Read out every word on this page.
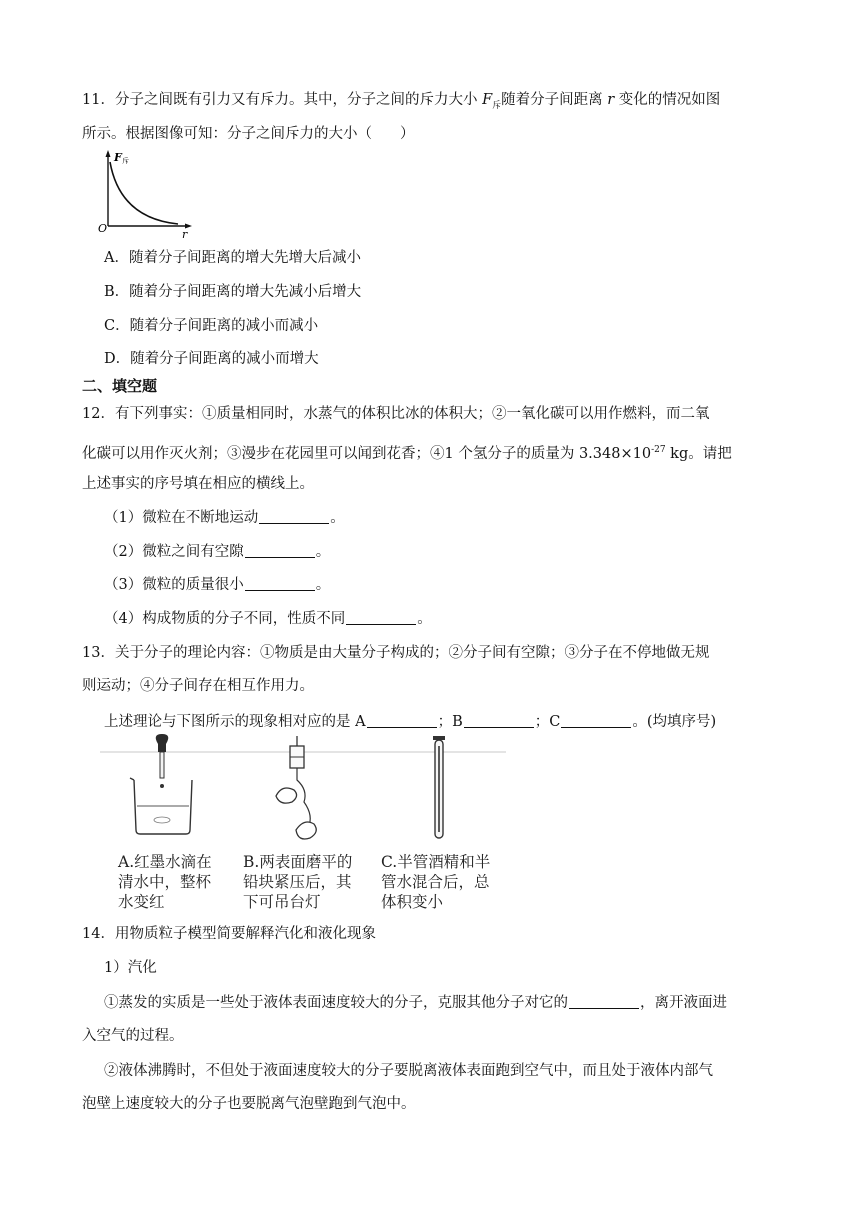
11．分子之间既有引力又有斥力。其中，分子之间的斥力大小 $F_斥$随着分子间距离 r 变化的情况如图
所示。根据图像可知：分子之间斥力的大小（ ）
F 斥
O	r
A．随着分子间距离的增大先增大后减小
B．随着分子间距离的增大先减小后增大
C．随着分子间距离的减小而减小
D．随着分子间距离的减小而增大
二、填空题
12．有下列事实：①质量相同时，水蒸气的体积比冰的体积大；②一氧化碳可以用作燃料，而二氧
化碳可以用作灭火剂；③漫步在花园里可以闻到花香；④1 个氢分子的质量为 $3.348\times 10^{-27}$ kg。请把
上述事实的序号填在相应的横线上。
（1）微粒在不断地运动	。
（2）微粒之间有空隙	。
（3）微粒的质量很小	。
（4）构成物质的分子不同，性质不同	。
13．关于分子的理论内容：①物质是由大量分子构成的；②分子间有空隙；③分子在不停地做无规
则运动；④分子间存在相互作用力。
上述理论与下图所示的现象相对应的是 A	；B	；C	。(均填序号)
A.红墨水滴在
清水中，整杯
水变红
B.两表面磨平的
铅块紧压后，其
下可吊台灯
C.半管酒精和半
管水混合后，总
体积变小
14．用物质粒子模型简要解释汽化和液化现象
1）汽化
①蒸发的实质是一些处于液体表面速度较大的分子，克服其他分子对它的	，离开液面进
入空气的过程。
②液体沸腾时，不但处于液面速度较大的分子要脱离液体表面跑到空气中，而且处于液体内部气
泡壁上速度较大的分子也要脱离气泡壁跑到气泡中。
